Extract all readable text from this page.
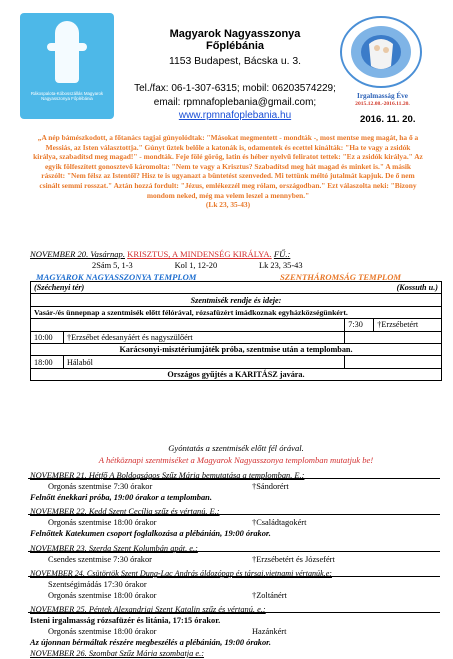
Rákospalota-Kóbosszállás Magyarok Nagyasszonya Főplébánia
Magyarok Nagyasszonya Főplébánia
1153 Budapest, Bácska u. 3.
Tel./fax: 06-1-307-6315; mobil: 06203574229;
email: rpmnafoplebania@gmail.com;
www.rpmnafoplebania.hu
Irgalmasság Éve
2015.12.08.-2016.11.20.
2016. 11. 20.
„A nép bámészkodott, a főtanács tagjai gúnyolódtak: "Másokat megmentett - mondták -, most mentse meg magát, ha ő a Messiás, az Isten választottja." Gúnyt űztek belőle a katonák is, odamentek és ecettel kínálták: "Ha te vagy a zsidók királya, szabadítsd meg magad!" - mondták. Feje fölé görög, latin és héber nyelvű feliratot tettek: "Ez a zsidók királya." Az egyik fölfeszített gonosztevő káromolta: "Nem te vagy a Krisztus? Szabadítsd meg hát magad és minket is." A másik rászólt: "Nem félsz az Istentől? Hisz te is ugyanazt a büntetést szenveded. Mi tettünk méltó jutalmát kapjuk. De ő nem csinált semmi rosszat." Aztán hozzá fordult: "Jézus, emlékezzél meg rólam, országodban." Ezt válaszolta neki: "Bizony mondom neked, még ma velem leszel a mennyben."
(Lk 23, 35-43)
NOVEMBER 20. Vasárnap. KRISZTUS, A MINDENSÉG KIRÁLYA. FŰ.:
2Sám 5, 1-3                    Kol 1, 12-20                    Lk 23, 35-43
MAGYAROK NAGYASSZONYA TEMPLOM	SZENTHÁROMSÁG TEMPLOM
(Széchenyi tér)		(Kossuth u.)	
Szentmisék rendje és ideje:			
Vasár-/és ünnepnap a szentmisék előtt félórával, rózsafüzért imádkoznak egyházközségünkért.			
		7:30	†Erzsébetért
10:00	†Erzsébet édesanyáért és nagyszülőért		
Karácsonyi-misztériumjáték próba, szentmise után a templomban.			
18:00	Hálaból		
Országos gyűjtés a KARITÁSZ javára.			
Gyóntatás a szentmisék előtt fél órával.
A hétköznapi szentmiséket a Magyarok Nagyasszonya templomban mutatjuk be!
NOVEMBER 21. Hétfő A Boldogságos Szűz Mária bemutatása a templomban. E.:
Orgonás szentmise 7:30 órakor	†Sándorért
Felnőtt énekkari próba, 19:00 órakor a templomban.
NOVEMBER 22. Kedd Szent Cecília szűz és vértanú. E.:
Orgonás szentmise 18:00 órakor	†Családtagokért
Felnőttek Katekumen csoport foglalkozása a plébánián, 19:00 órakor.
NOVEMBER 23. Szerda Szent Kolumbán apát. e.:
Csendes szentmise 7:30 órakor	†Erzsébetért és Józsefért
NOVEMBER 24. Csütörtök Szent Dung-Lac András áldozópap és társai,vietnami vértanúk.e:
Szentségimádás 17:30 órakor
Orgonás szentmise 18:00 órakor	†Zoltánért
NOVEMBER 25. Péntek Alexandriai Szent Katalin szűz és vértanú. e.:
Isteni irgalmasság rózsafüzér és litánia, 17:15 órakor.
Orgonás szentmise 18:00 órakor	Hazánkért
Az újonnan bérmáltak részére megbeszélés a plébánián, 19:00 órakor.
NOVEMBER 26. Szombat Szűz Mária szombatja e.:
